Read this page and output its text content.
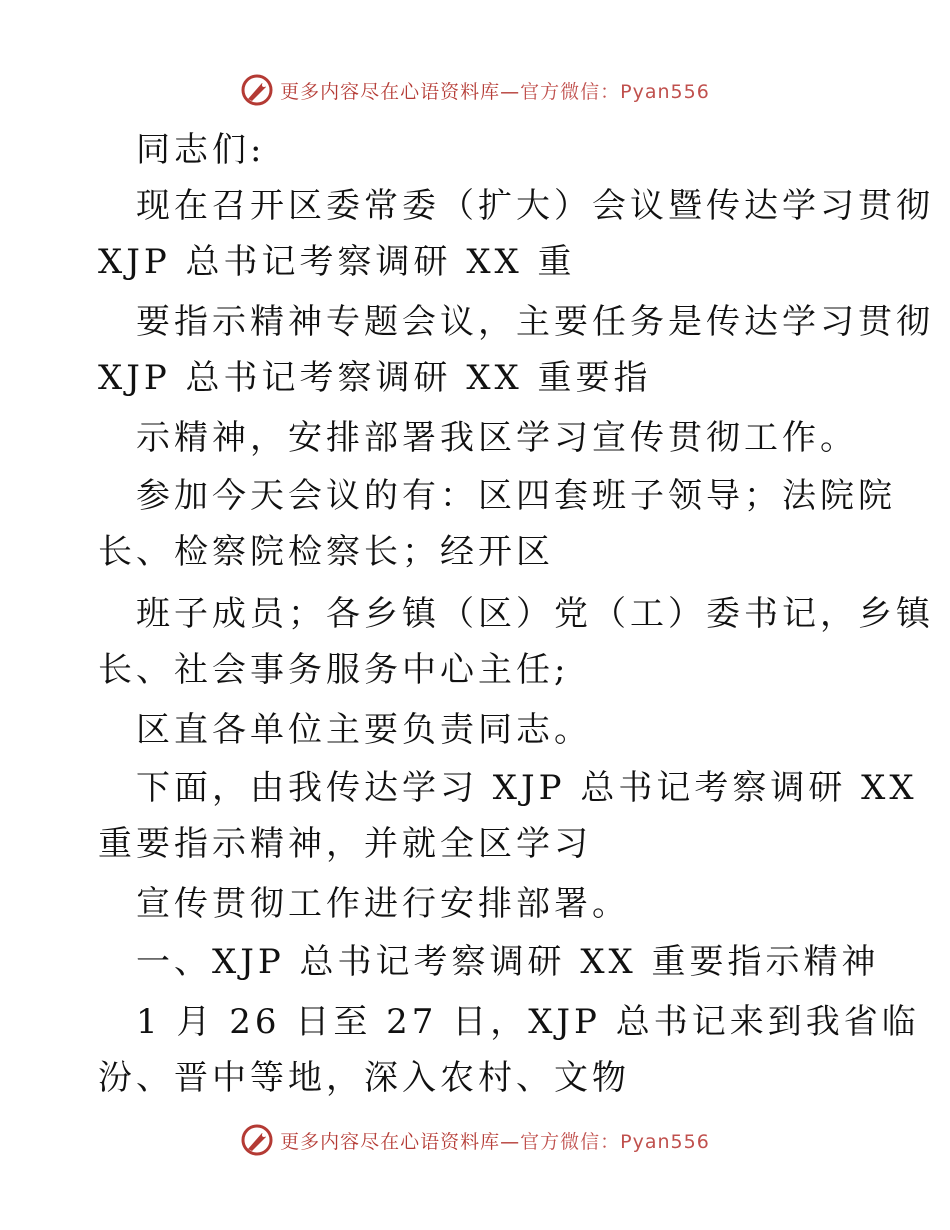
更多内容尽在心语资料库—官方微信：Pyan556
同志们:
现在召开区委常委（扩大）会议暨传达学习贯彻
XJP 总书记考察调研 XX 重
要指示精神专题会议，主要任务是传达学习贯彻
XJP 总书记考察调研 XX 重要指
示精神，安排部署我区学习宣传贯彻工作。
参加今天会议的有：区四套班子领导；法院院
长、检察院检察长；经开区
班子成员；各乡镇（区）党（工）委书记，乡镇
长、社会事务服务中心主任;
区直各单位主要负责同志。
下面，由我传达学习 XJP 总书记考察调研 XX
重要指示精神，并就全区学习
宣传贯彻工作进行安排部署。
一、XJP 总书记考察调研 XX 重要指示精神
1 月 26 日至 27 日，XJP 总书记来到我省临
汾、晋中等地，深入农村、文物
更多内容尽在心语资料库—官方微信：Pyan556
